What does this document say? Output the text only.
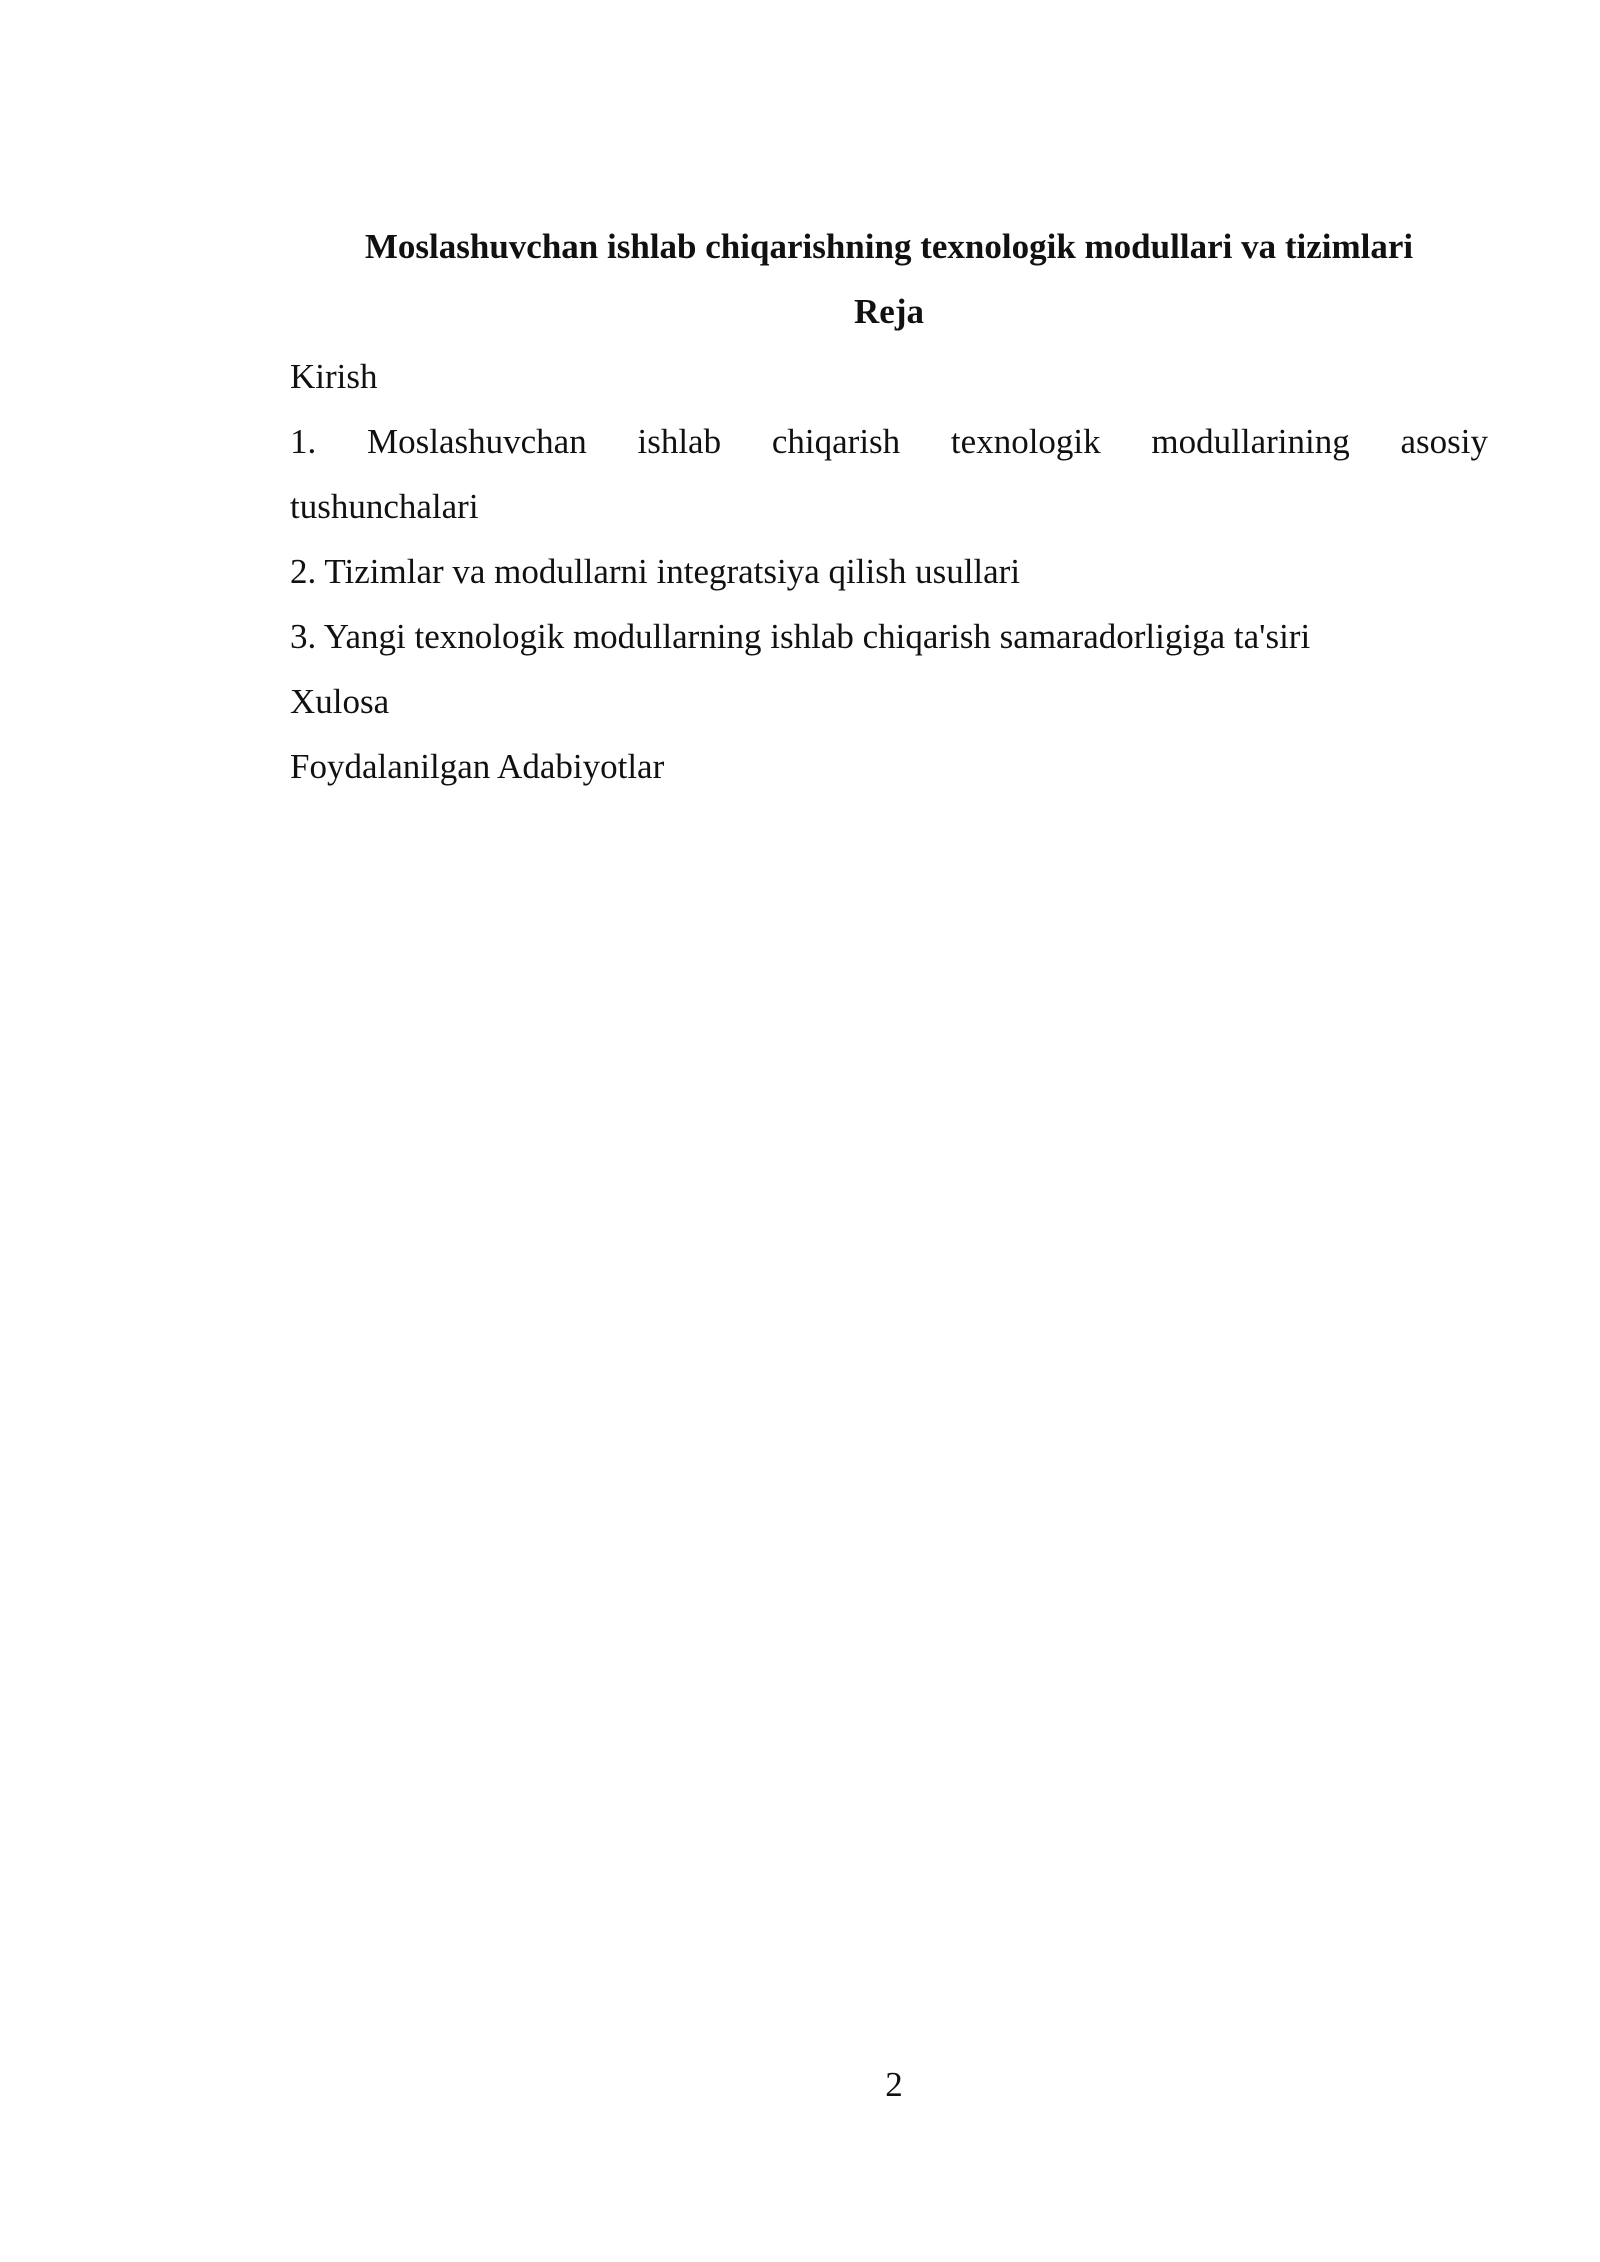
Moslashuvchan ishlab chiqarishning texnologik modullari va tizimlari
Reja
Kirish
1. Moslashuvchan ishlab chiqarish texnologik modullarining asosiy
tushunchalari
2. Tizimlar va modullarni integratsiya qilish usullari
3. Yangi texnologik modullarning ishlab chiqarish samaradorligiga ta'siri
Xulosa
Foydalanilgan Adabiyotlar
2
